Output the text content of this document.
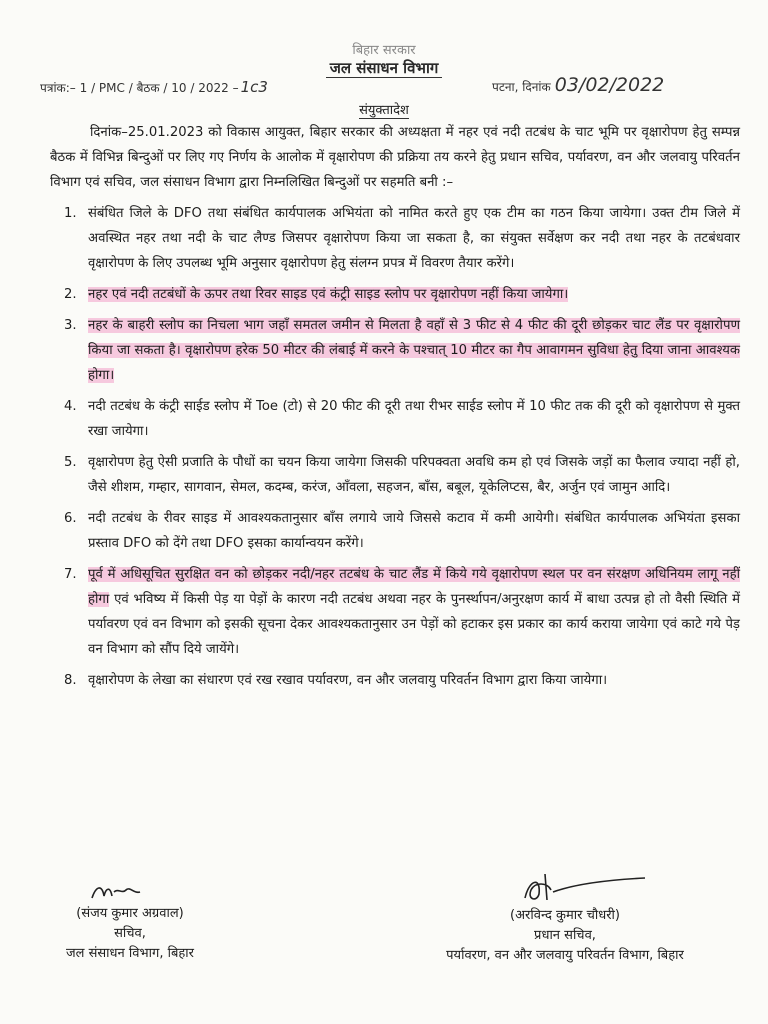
बिहार सरकार
जल संसाधन विभाग
पत्रांक:– 1 / PMC / बैठक / 10 / 2022 – 1c3	पटना, दिनांक 03/02/2022
संयुक्तादेश

दिनांक–25.01.2023 को विकास आयुक्त, बिहार सरकार की अध्यक्षता में नहर एवं नदी तटबंध के चाट भूमि पर वृक्षारोपण हेतु सम्पन्न बैठक में विभिन्न बिन्दुओं पर लिए गए निर्णय के आलोक में वृक्षारोपण की प्रक्रिया तय करने हेतु प्रधान सचिव, पर्यावरण, वन और जलवायु परिवर्तन विभाग एवं सचिव, जल संसाधन विभाग द्वारा निम्नलिखित बिन्दुओं पर सहमति बनी :–

1. संबंधित जिले के DFO तथा संबंधित कार्यपालक अभियंता को नामित करते हुए एक टीम का गठन किया जायेगा। उक्त टीम जिले में अवस्थित नहर तथा नदी के चाट लैण्ड जिसपर वृक्षारोपण किया जा सकता है, का संयुक्त सर्वेक्षण कर नदी तथा नहर के तटबंधवार वृक्षारोपण के लिए उपलब्ध भूमि अनुसार वृक्षारोपण हेतु संलग्न प्रपत्र में विवरण तैयार करेंगे।
2. नहर एवं नदी तटबंधों के ऊपर तथा रिवर साइड एवं कंट्री साइड स्लोप पर वृक्षारोपण नहीं किया जायेगा।
3. नहर के बाहरी स्लोप का निचला भाग जहाँ समतल जमीन से मिलता है वहाँ से 3 फीट से 4 फीट की दूरी छोड़कर चाट लैंड पर वृक्षारोपण किया जा सकता है। वृक्षारोपण हरेक 50 मीटर की लंबाई में करने के पश्चात् 10 मीटर का गैप आवागमन सुविधा हेतु दिया जाना आवश्यक होगा।
4. नदी तटबंध के कंट्री साईड स्लोप में Toe (टो) से 20 फीट की दूरी तथा रीभर साईड स्लोप में 10 फीट तक की दूरी को वृक्षारोपण से मुक्त रखा जायेगा।
5. वृक्षारोपण हेतु ऐसी प्रजाति के पौधों का चयन किया जायेगा जिसकी परिपक्वता अवधि कम हो एवं जिसके जड़ों का फैलाव ज्यादा नहीं हो, जैसे शीशम, गम्हार, सागवान, सेमल, कदम्ब, करंज, आँवला, सहजन, बाँस, बबूल, यूकेलिप्टस, बैर, अर्जुन एवं जामुन आदि।
6. नदी तटबंध के रीवर साइड में आवश्यकतानुसार बाँस लगाये जाये जिससे कटाव में कमी आयेगी। संबंधित कार्यपालक अभियंता इसका प्रस्ताव DFO को देंगे तथा DFO इसका कार्यान्वयन करेंगे।
7. पूर्व में अधिसूचित सुरक्षित वन को छोड़कर नदी/नहर तटबंध के चाट लैंड में किये गये वृक्षारोपण स्थल पर वन संरक्षण अधिनियम लागू नहीं होगा एवं भविष्य में किसी पेड़ या पेड़ों के कारण नदी तटबंध अथवा नहर के पुनर्स्थापन/अनुरक्षण कार्य में बाधा उत्पन्न हो तो वैसी स्थिति में पर्यावरण एवं वन विभाग को इसकी सूचना देकर आवश्यकतानुसार उन पेड़ों को हटाकर इस प्रकार का कार्य कराया जायेगा एवं काटे गये पेड़ वन विभाग को सौंप दिये जायेंगे।
8. वृक्षारोपण के लेखा का संधारण एवं रख रखाव पर्यावरण, वन और जलवायु परिवर्तन विभाग द्वारा किया जायेगा।
(संजय कुमार अग्रवाल)
सचिव,
जल संसाधन विभाग, बिहार
(अरविन्द कुमार चौधरी)
प्रधान सचिव,
पर्यावरण, वन और जलवायु परिवर्तन विभाग, बिहार
